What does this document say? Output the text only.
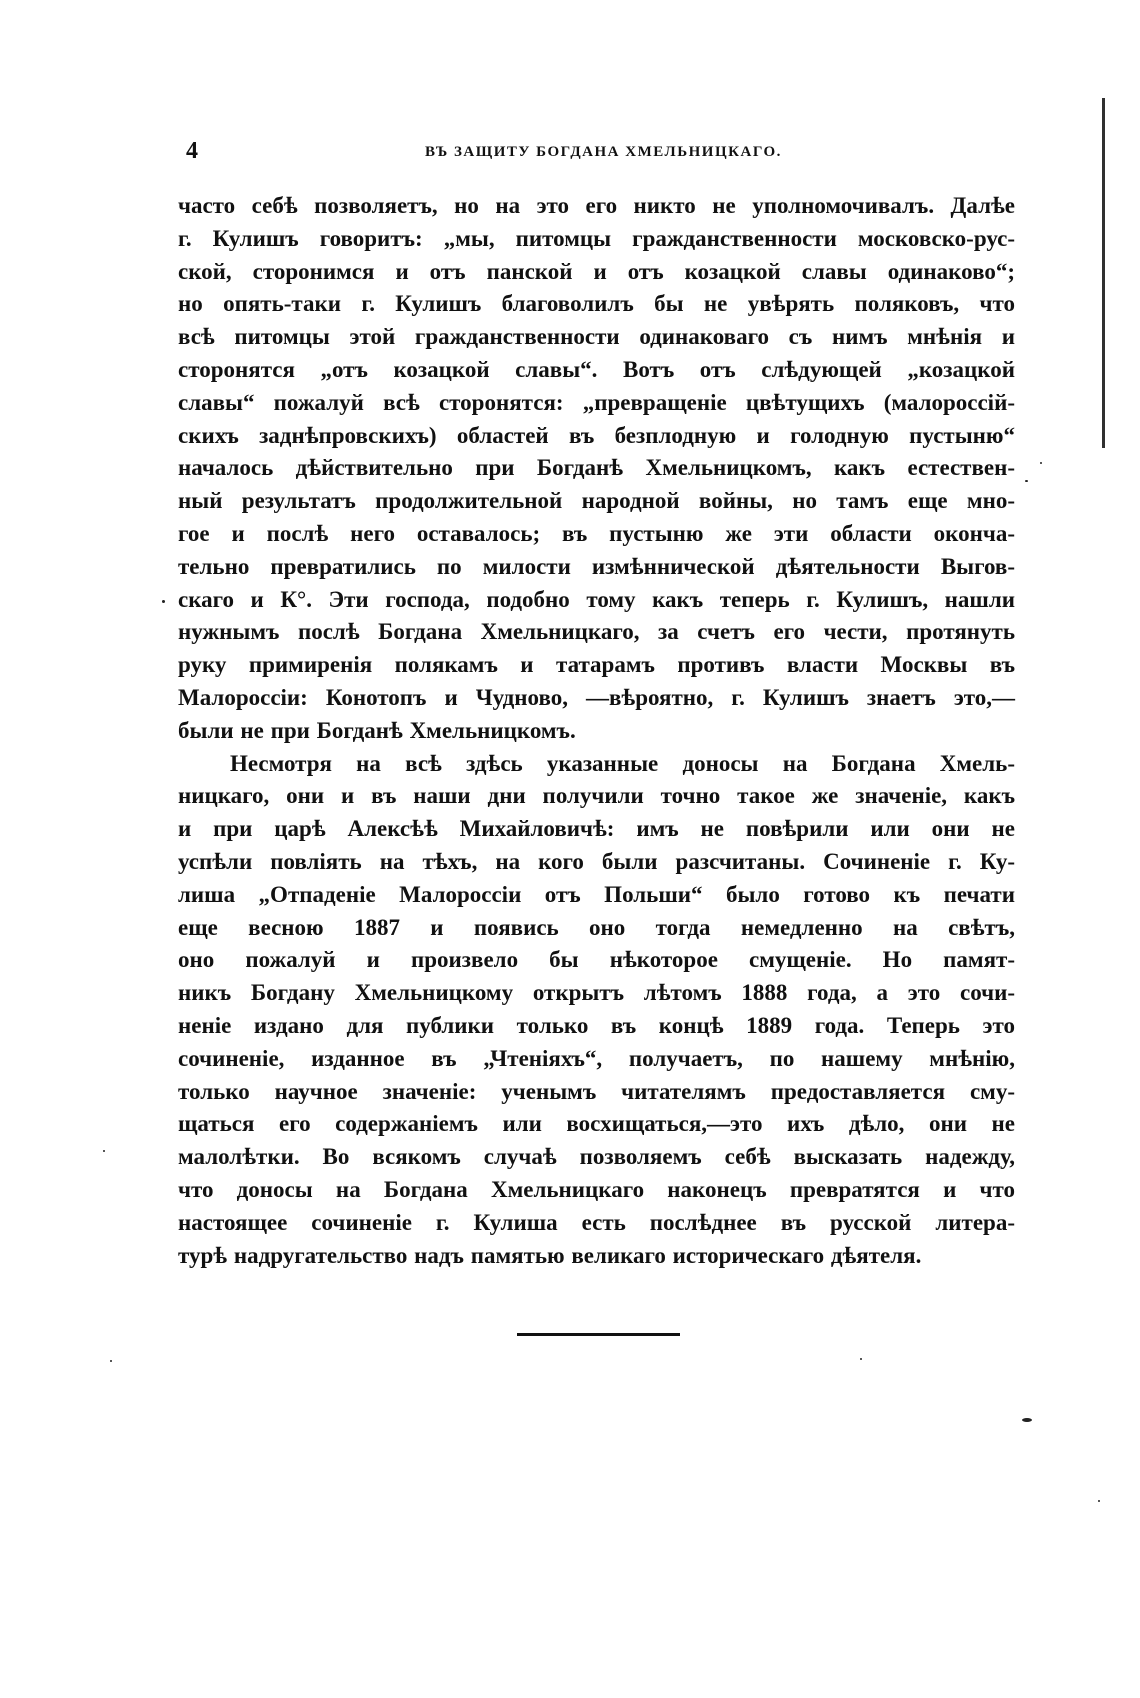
4	ВЪ ЗАЩИТУ БОГДАНА ХМЕЛЬНИЦКАГО.
часто себѣ позволяетъ, но на это его никто не уполномочивалъ. Далѣе
г. Кулишъ говоритъ: „мы, питомцы гражданственности московско-рус-
ской, сторонимся и отъ панской и отъ козацкой славы одинаково“;
но опять-таки г. Кулишъ благоволилъ бы не увѣрять поляковъ, что
всѣ питомцы этой гражданственности одинаковаго съ нимъ мнѣнія и
сторонятся „отъ козацкой славы“. Вотъ отъ слѣдующей „козацкой
славы“ пожалуй всѣ сторонятся: „превращеніе цвѣтущихъ (малороссій-
скихъ заднѣпровскихъ) областей въ безплодную и голодную пустыню“
началось дѣйствительно при Богданѣ Хмельницкомъ, какъ естествен-
ный результатъ продолжительной народной войны, но тамъ еще мно-
гое и послѣ него оставалось; въ пустыню же эти области оконча-
тельно превратились по милости измѣннической дѣятельности Выгов-
скаго и К°. Эти господа, подобно тому какъ теперь г. Кулишъ, нашли
нужнымъ послѣ Богдана Хмельницкаго, за счетъ его чести, протянуть
руку примиренія полякамъ и татарамъ противъ власти Москвы въ
Малороссіи: Конотопъ и Чудново, —вѣроятно, г. Кулишъ знаетъ это,—
были не при Богданѣ Хмельницкомъ.
Несмотря на всѣ здѣсь указанные доносы на Богдана Хмель-
ницкаго, они и въ наши дни получили точно такое же значеніе, какъ
и при царѣ Алексѣѣ Михайловичѣ: имъ не повѣрили или они не
успѣли повліять на тѣхъ, на кого были разсчитаны. Сочиненіе г. Ку-
лиша „Отпаденіе Малороссіи отъ Польши“ было готово къ печати
еще весною 1887 и появись оно тогда немедленно на свѣтъ,
оно пожалуй и произвело бы нѣкоторое смущеніе. Но памят-
никъ Богдану Хмельницкому открытъ лѣтомъ 1888 года, а это сочи-
неніе издано для публики только въ концѣ 1889 года. Теперь это
сочиненіе, изданное въ „Чтеніяхъ“, получаетъ, по нашему мнѣнію,
только научное значеніе: ученымъ читателямъ предоставляется сму-
щаться его содержаніемъ или восхищаться,—это ихъ дѣло, они не
малолѣтки. Во всякомъ случаѣ позволяемъ себѣ высказать надежду,
что доносы на Богдана Хмельницкаго наконецъ превратятся и что
настоящее сочиненіе г. Кулиша есть послѣднее въ русской литера-
турѣ надругательство надъ памятью великаго историческаго дѣятеля.
